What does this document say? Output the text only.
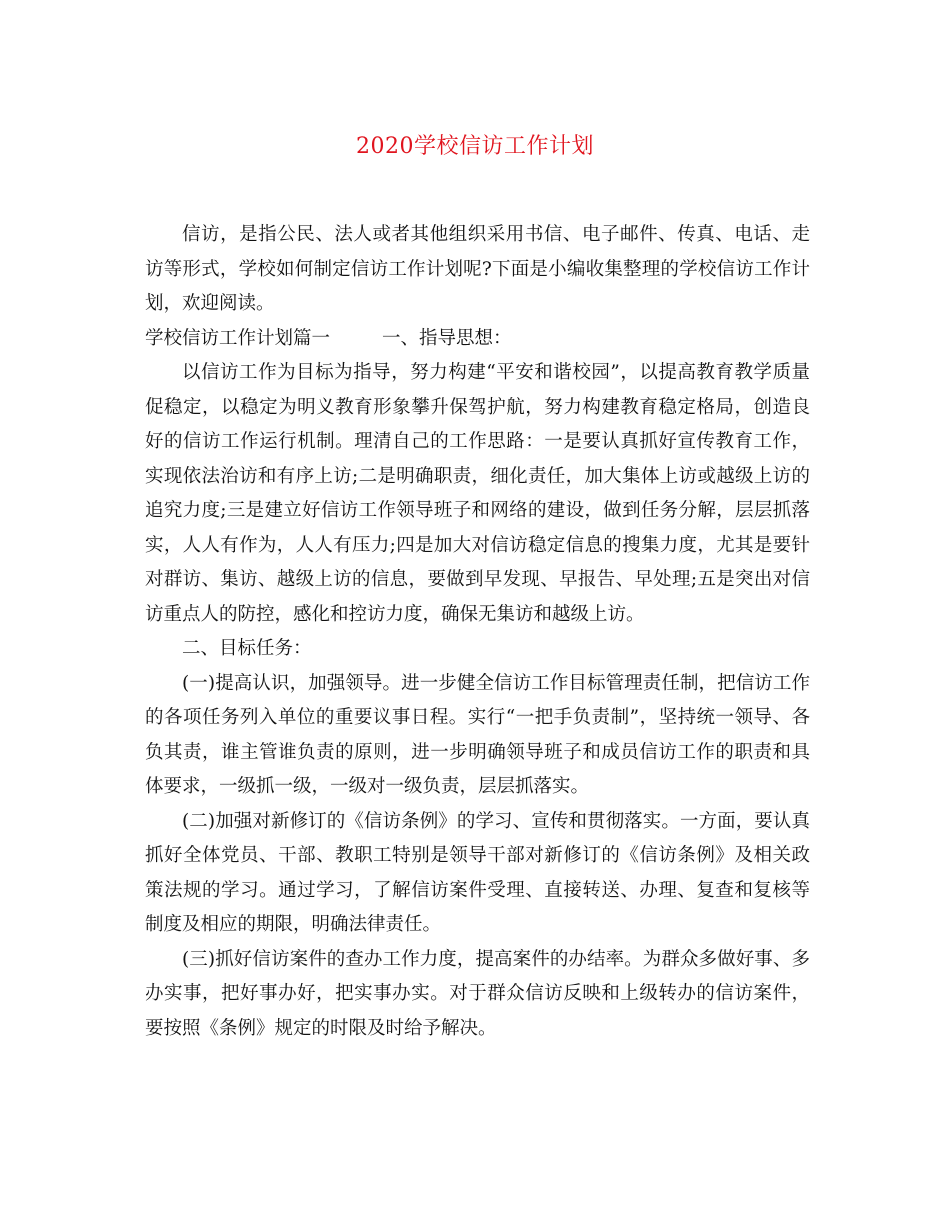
2020学校信访工作计划

信访，是指公民、法人或者其他组织采用书信、电子邮件、传真、电话、走访等形式，学校如何制定信访工作计划呢?下面是小编收集整理的学校信访工作计划，欢迎阅读。

学校信访工作计划篇一	一、指导思想：

以信访工作为目标为指导，努力构建“平安和谐校园”，以提高教育教学质量促稳定，以稳定为明义教育形象攀升保驾护航，努力构建教育稳定格局，创造良好的信访工作运行机制。理清自己的工作思路：一是要认真抓好宣传教育工作，实现依法治访和有序上访;二是明确职责，细化责任，加大集体上访或越级上访的追究力度;三是建立好信访工作领导班子和网络的建设，做到任务分解，层层抓落实，人人有作为，人人有压力;四是加大对信访稳定信息的搜集力度，尤其是要针对群访、集访、越级上访的信息，要做到早发现、早报告、早处理;五是突出对信访重点人的防控，感化和控访力度，确保无集访和越级上访。

二、目标任务：

(一)提高认识，加强领导。进一步健全信访工作目标管理责任制，把信访工作的各项任务列入单位的重要议事日程。实行“一把手负责制”，坚持统一领导、各负其责，谁主管谁负责的原则，进一步明确领导班子和成员信访工作的职责和具体要求，一级抓一级，一级对一级负责，层层抓落实。

(二)加强对新修订的《信访条例》的学习、宣传和贯彻落实。一方面，要认真抓好全体党员、干部、教职工特别是领导干部对新修订的《信访条例》及相关政策法规的学习。通过学习，了解信访案件受理、直接转送、办理、复查和复核等制度及相应的期限，明确法律责任。

(三)抓好信访案件的查办工作力度，提高案件的办结率。为群众多做好事、多办实事，把好事办好，把实事办实。对于群众信访反映和上级转办的信访案件，要按照《条例》规定的时限及时给予解决。
